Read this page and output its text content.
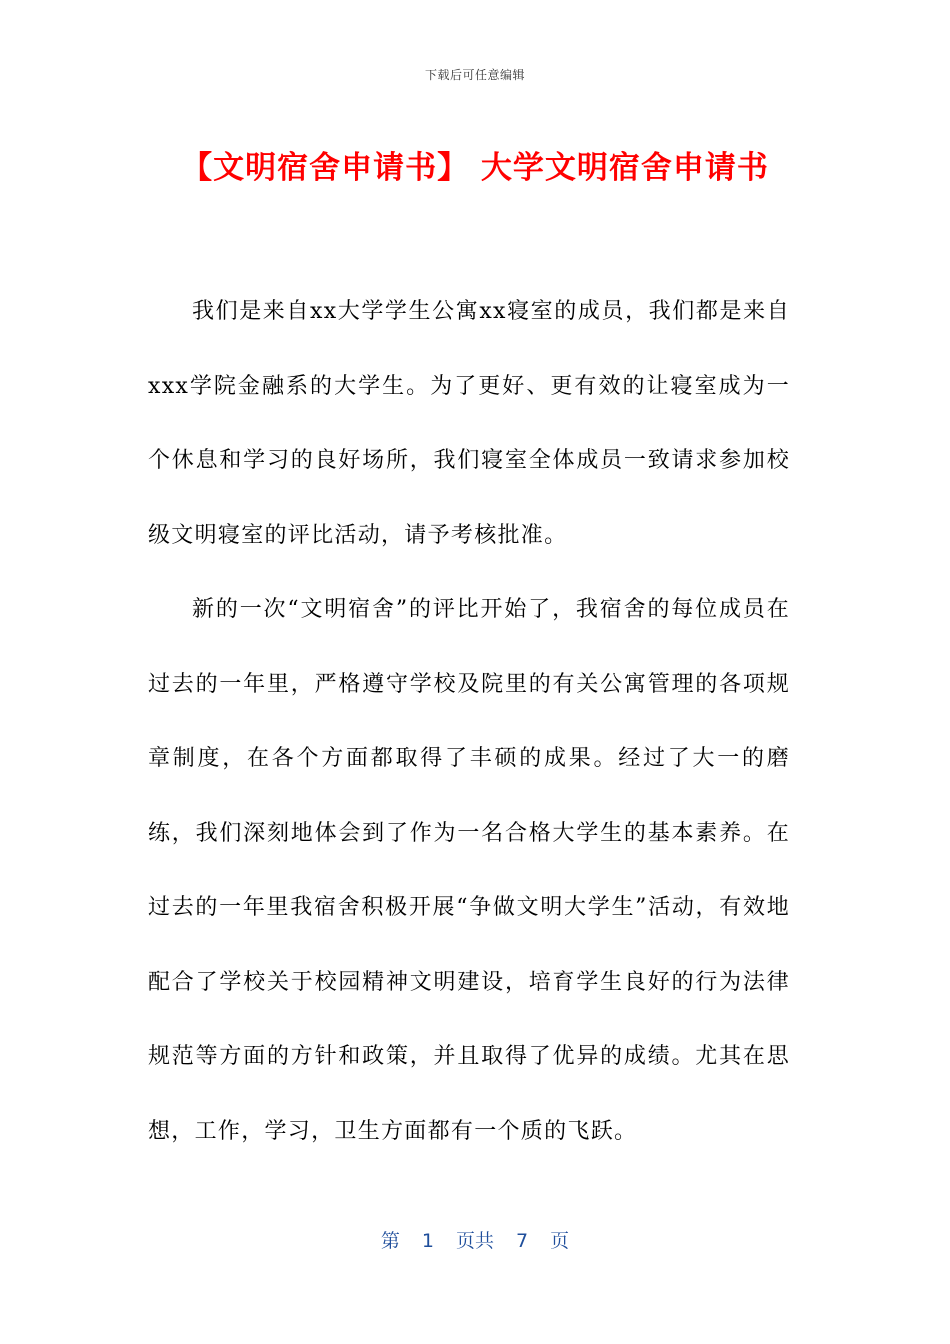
下载后可任意编辑
【文明宿舍申请书】 大学文明宿舍申请书

我们是来自xx大学学生公寓xx寝室的成员，我们都是来自xxx学院金融系的大学生。为了更好、更有效的让寝室成为一个休息和学习的良好场所，我们寝室全体成员一致请求参加校级文明寝室的评比活动，请予考核批准。

新的一次“文明宿舍”的评比开始了，我宿舍的每位成员在过去的一年里，严格遵守学校及院里的有关公寓管理的各项规章制度，在各个方面都取得了丰硕的成果。经过了大一的磨练，我们深刻地体会到了作为一名合格大学生的基本素养。在过去的一年里我宿舍积极开展“争做文明大学生”活动，有效地配合了学校关于校园精神文明建设，培育学生良好的行为法律规范等方面的方针和政策，并且取得了优异的成绩。尤其在思想，工作，学习，卫生方面都有一个质的飞跃。

第 1 页共 7 页
